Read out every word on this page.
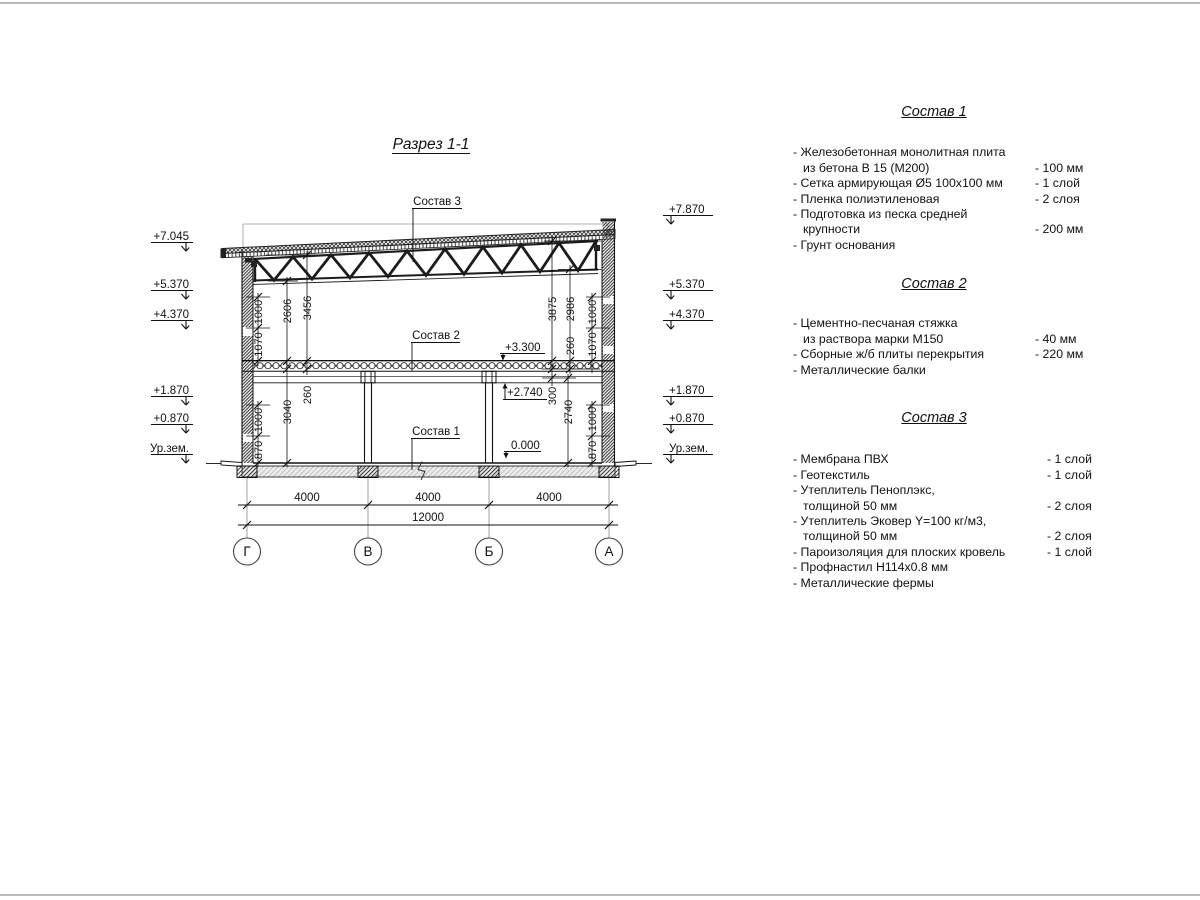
Разрез 1-1
Состав 3
Состав 2
Состав 1
+3.300
+2.740
0.000
+7.045
+5.370
+4.370
+1.870
+0.870
Ур.зем.
+7.870
+5.370
+4.370
+1.870
+0.870
Ур.зем.
1000
1070
2606 3456
870
1000 3040
260
3875 2986
260 1070
1000
300
2740 1000
870
4000	4000	4000
12000
Г	В	Б	А
Состав 1
- Железобетонная монолитная плита
из бетона В 15 (М200)	- 100 мм
- Сетка армирующая Ø5 100х100 мм	- 1 слой
- Пленка полиэтиленовая	- 2 слоя
- Подготовка из песка средней
крупности	- 200 мм
- Грунт основания
Состав 2
- Цементно-песчаная стяжка
из раствора марки М150	- 40 мм
- Сборные ж/б плиты перекрытия	- 220 мм
- Металлические балки
Состав 3
- Мембрана ПВХ	- 1 слой
- Геотекстиль	- 1 слой
- Утеплитель Пеноплэкс,
толщиной 50 мм	- 2 слоя
- Утеплитель Эковер Y=100 кг/м3,
толщиной 50 мм	- 2 слоя
- Пароизоляция для плоских кровель	- 1 слой
- Профнастил Н114х0.8 мм
- Металлические фермы
